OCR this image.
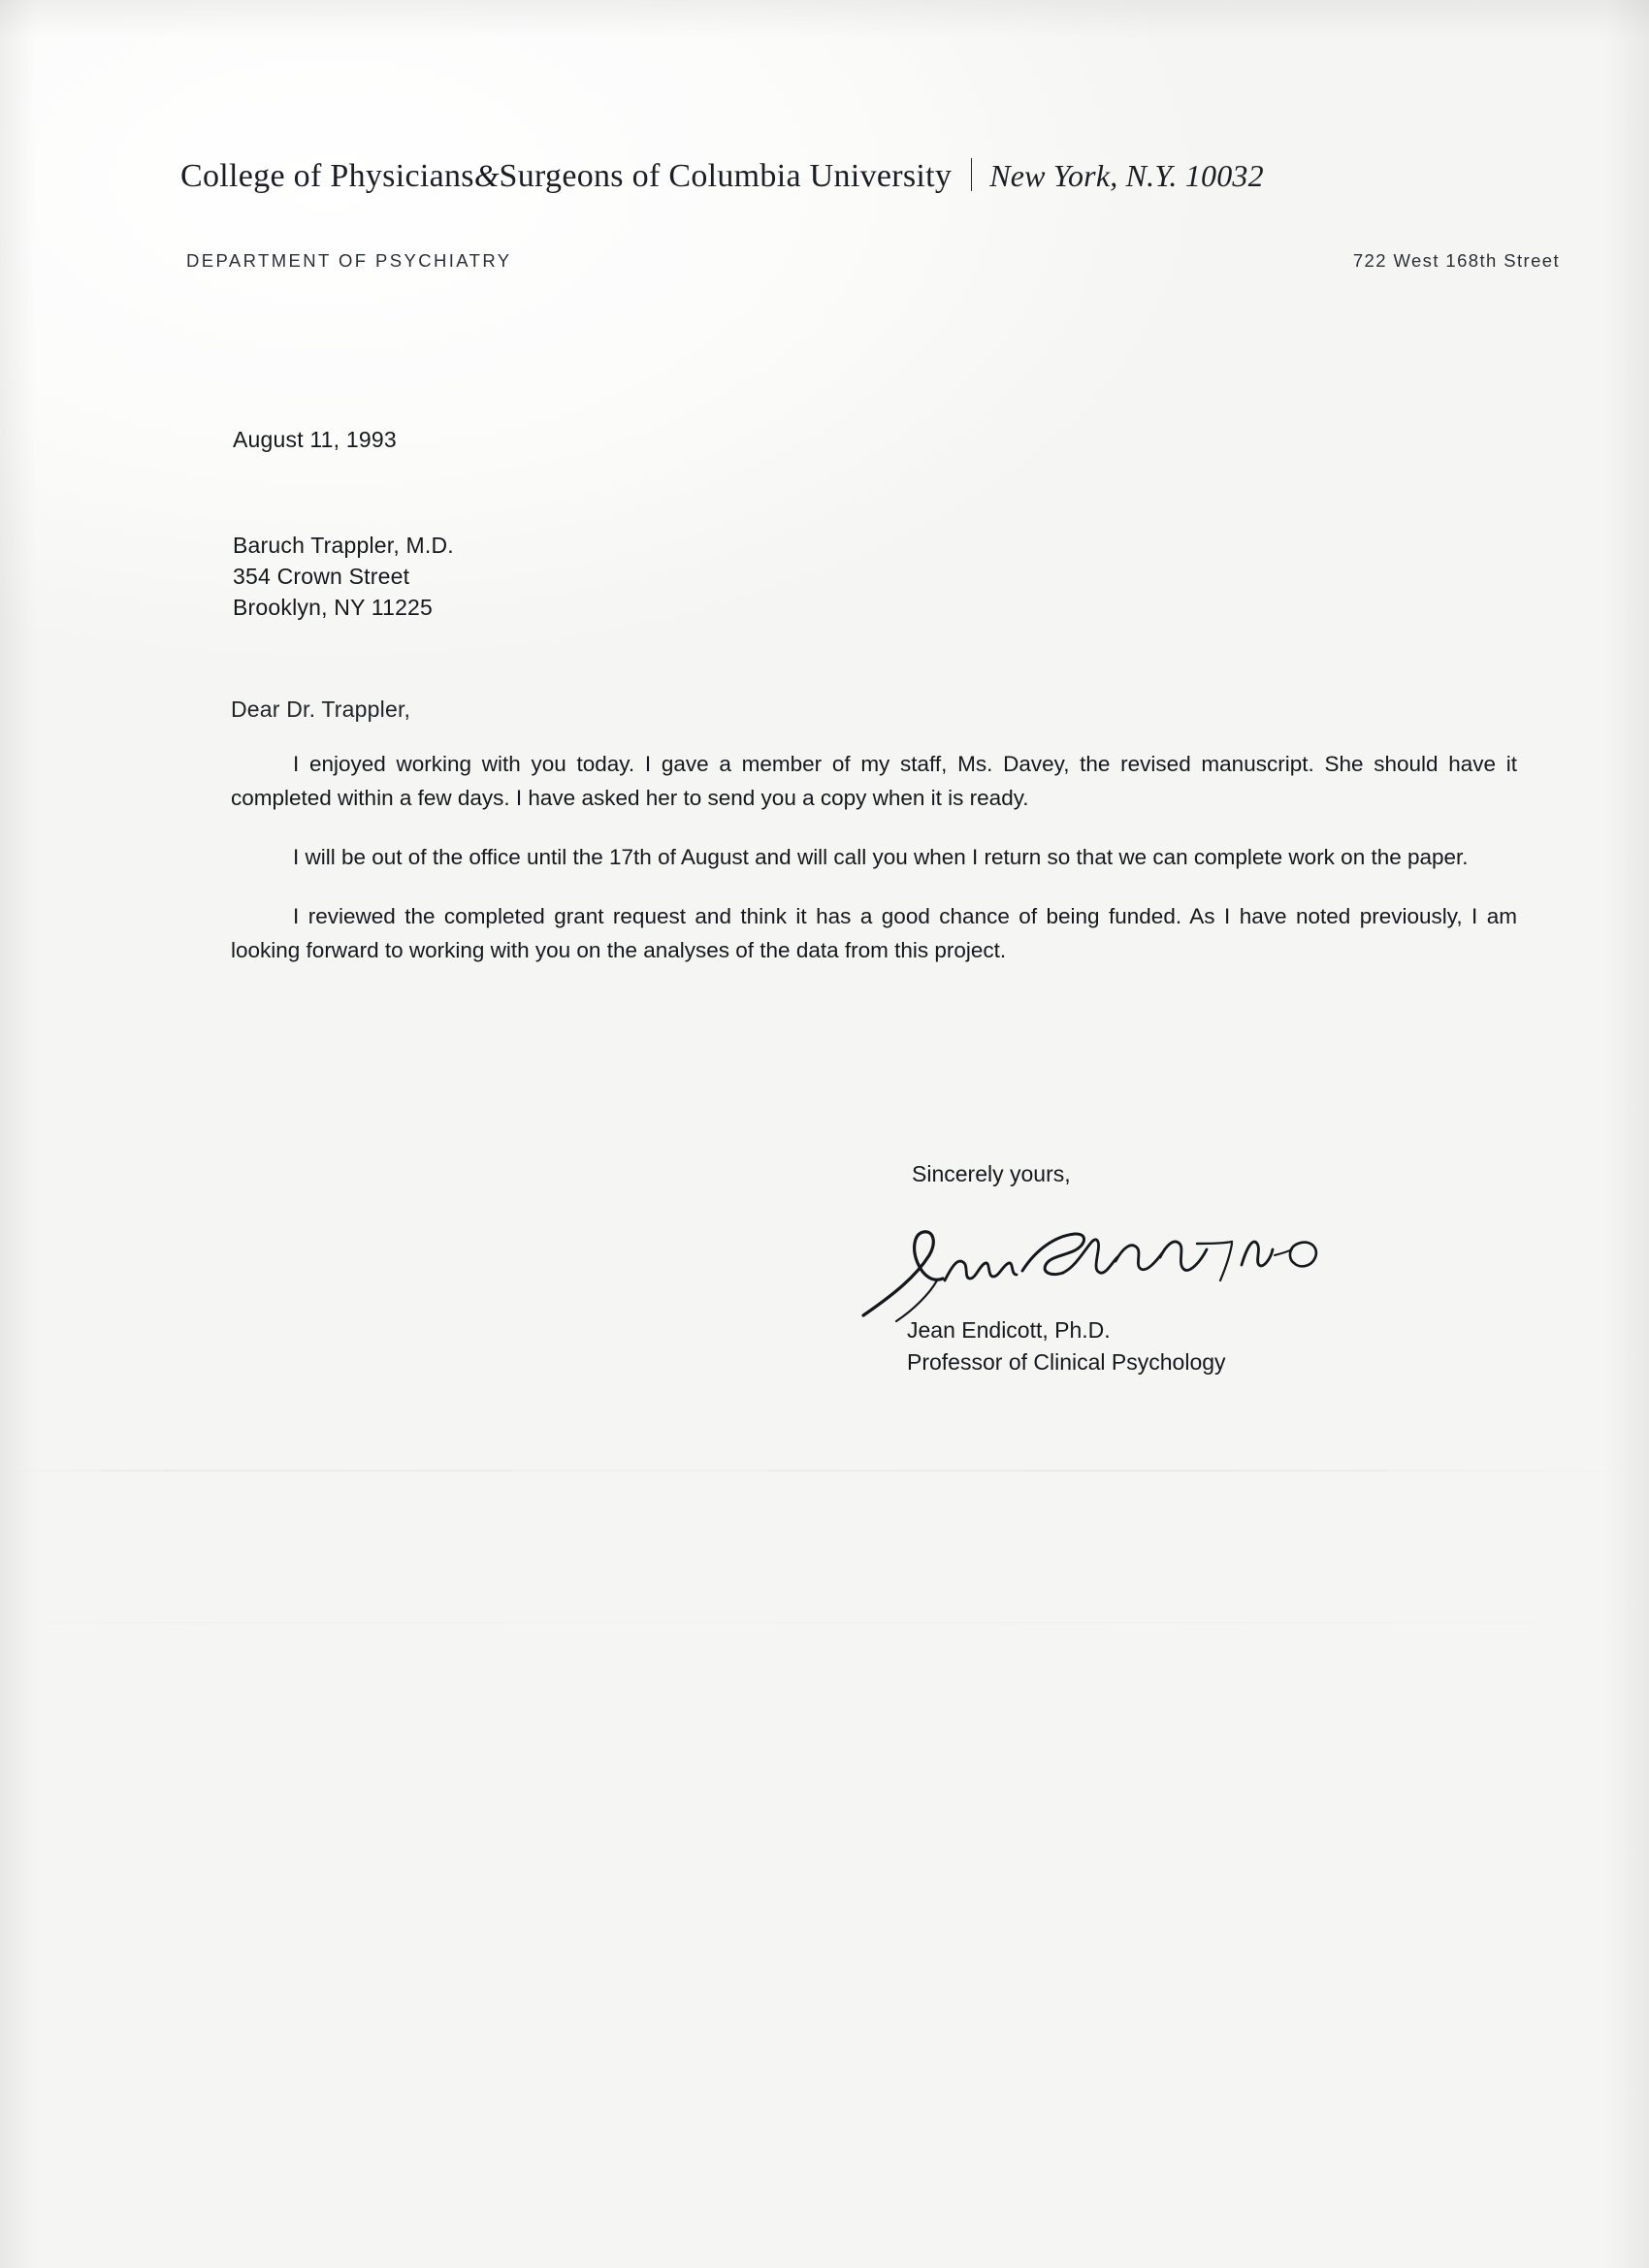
College of Physicians & Surgeons of Columbia University New York, N.Y. 10032
DEPARTMENT OF PSYCHIATRY	722 West 168th Street
August 11, 1993
Baruch Trappler, M.D.
354 Crown Street
Brooklyn, NY 11225
Dear Dr. Trappler,

I enjoyed working with you today. I gave a member of my staff, Ms. Davey, the revised manuscript. She should have it completed within a few days. I have asked her to send you a copy when it is ready.

I will be out of the office until the 17th of August and will call you when I return so that we can complete work on the paper.

I reviewed the completed grant request and think it has a good chance of being funded. As I have noted previously, I am looking forward to working with you on the analyses of the data from this project.

Sincerely yours,
Jean Endicott, Ph.D.
Professor of Clinical Psychology
